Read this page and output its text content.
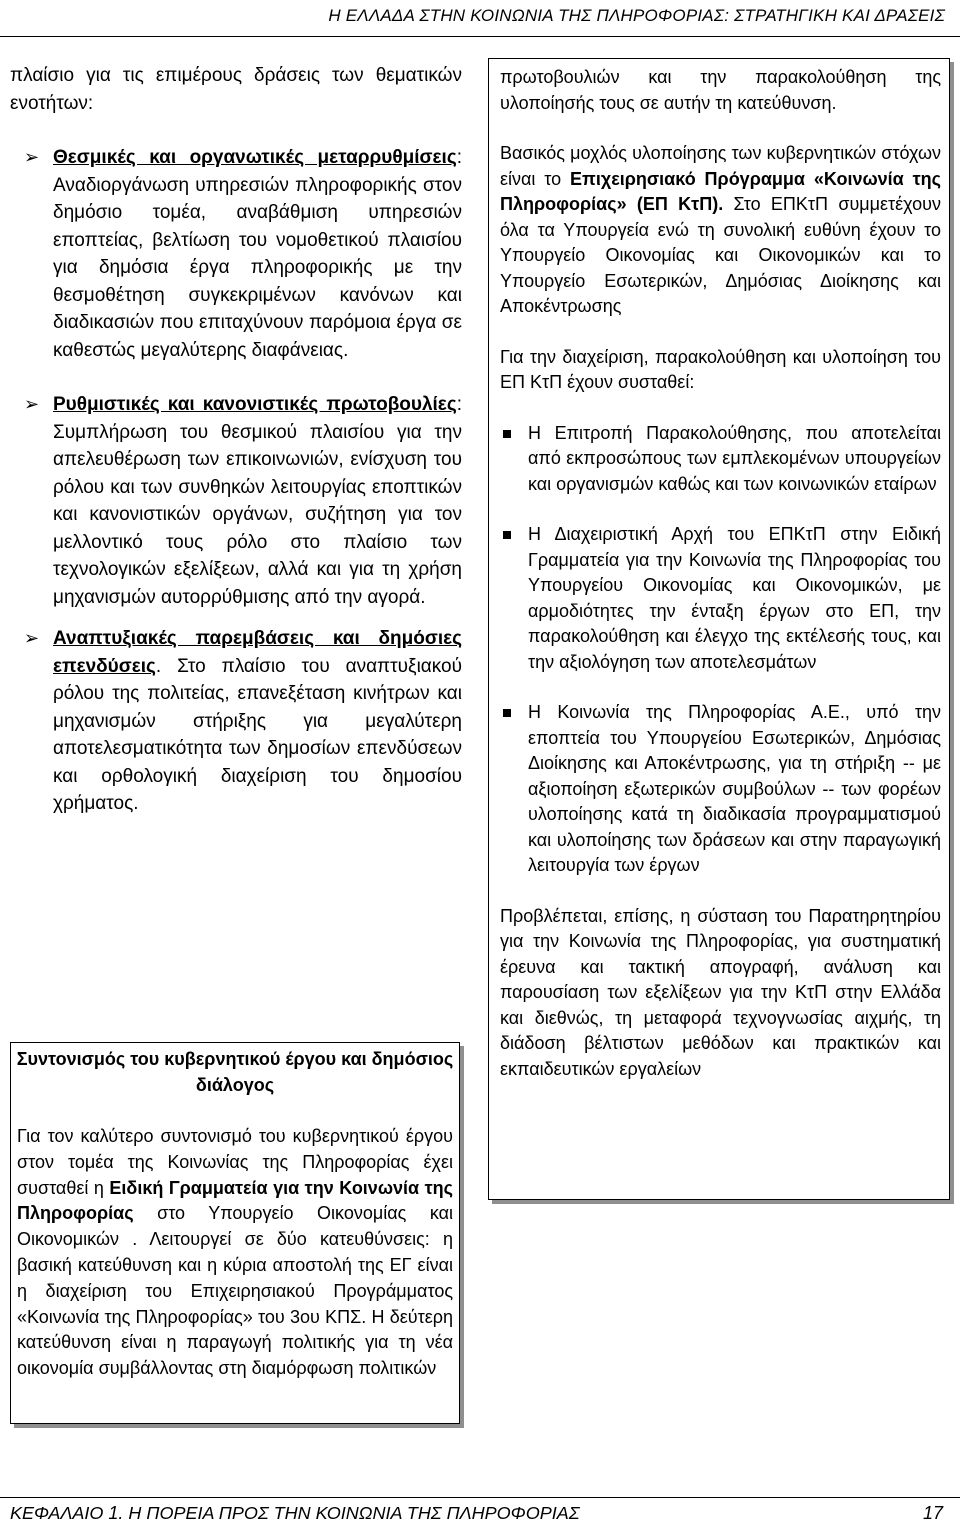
Η ΕΛΛΑΔΑ ΣΤΗΝ ΚΟΙΝΩΝΙΑ ΤΗΣ ΠΛΗΡΟΦΟΡΙΑΣ: ΣΤΡΑΤΗΓΙΚΗ ΚΑΙ ΔΡΑΣΕΙΣ

πλαίσιο για τις επιμέρους δράσεις των θεματικών ενοτήτων:

➢ Θεσμικές και οργανωτικές μεταρρυθμίσεις: Αναδιοργάνωση υπηρεσιών πληροφορικής στον δημόσιο τομέα, αναβάθμιση υπηρεσιών εποπτείας, βελτίωση του νομοθετικού πλαισίου για δημόσια έργα πληροφορικής με την θεσμοθέτηση συγκεκριμένων κανόνων και διαδικασιών που επιταχύνουν παρόμοια έργα σε καθεστώς μεγαλύτερης διαφάνειας.
➢ Ρυθμιστικές και κανονιστικές πρωτοβουλίες: Συμπλήρωση του θεσμικού πλαισίου για την απελευθέρωση των επικοινωνιών, ενίσχυση του ρόλου και των συνθηκών λειτουργίας εποπτικών και κανονιστικών οργάνων, συζήτηση για τον μελλοντικό τους ρόλο στο πλαίσιο των τεχνολογικών εξελίξεων, αλλά και για τη χρήση μηχανισμών αυτορρύθμισης από την αγορά.
➢ Αναπτυξιακές παρεμβάσεις και δημόσιες επενδύσεις. Στο πλαίσιο του αναπτυξιακού ρόλου της πολιτείας, επανεξέταση κινήτρων και μηχανισμών στήριξης για μεγαλύτερη αποτελεσματικότητα των δημοσίων επενδύσεων και ορθολογική διαχείριση του δημοσίου χρήματος.
Συντονισμός του κυβερνητικού έργου και δημόσιος διάλογος

Για τον καλύτερο συντονισμό του κυβερνητικού έργου στον τομέα της Κοινωνίας της Πληροφορίας έχει συσταθεί η Ειδική Γραμματεία για την Κοινωνία της Πληροφορίας στο Υπουργείο Οικονομίας και Οικονομικών . Λειτουργεί σε δύο κατευθύνσεις: η βασική κατεύθυνση και η κύρια αποστολή της ΕΓ είναι η διαχείριση του Επιχειρησιακού Προγράμματος «Κοινωνία της Πληροφορίας» του 3ου ΚΠΣ. Η δεύτερη κατεύθυνση είναι η παραγωγή πολιτικής για τη νέα οικονομία συμβάλλοντας στη διαμόρφωση πολιτικών

πρωτοβουλιών και την παρακολούθηση της υλοποίησής τους σε αυτήν τη κατεύθυνση.

Βασικός μοχλός υλοποίησης των κυβερνητικών στόχων είναι το Επιχειρησιακό Πρόγραμμα «Κοινωνία της Πληροφορίας» (ΕΠ ΚτΠ). Στο ΕΠΚτΠ συμμετέχουν όλα τα Υπουργεία ενώ τη συνολική ευθύνη έχουν το Υπουργείο Οικονομίας και Οικονομικών και το Υπουργείο Εσωτερικών, Δημόσιας Διοίκησης και Αποκέντρωσης

Για την διαχείριση, παρακολούθηση και υλοποίηση του ΕΠ ΚτΠ έχουν συσταθεί:

Η Επιτροπή Παρακολούθησης, που αποτελείται από εκπροσώπους των εμπλεκομένων υπουργείων και οργανισμών καθώς και των κοινωνικών εταίρων
Η Διαχειριστική Αρχή του ΕΠΚτΠ στην Ειδική Γραμματεία για την Κοινωνία της Πληροφορίας του Υπουργείου Οικονομίας και Οικονομικών, με αρμοδιότητες την ένταξη έργων στο ΕΠ, την παρακολούθηση και έλεγχο της εκτέλεσής τους, και την αξιολόγηση των αποτελεσμάτων
Η Κοινωνία της Πληροφορίας Α.Ε., υπό την εποπτεία του Υπουργείου Εσωτερικών, Δημόσιας Διοίκησης και Αποκέντρωσης, για τη στήριξη -- με αξιοποίηση εξωτερικών συμβούλων -- των φορέων υλοποίησης κατά τη διαδικασία προγραμματισμού και υλοποίησης των δράσεων και στην παραγωγική λειτουργία των έργων

Προβλέπεται, επίσης, η σύσταση του Παρατηρητηρίου για την Κοινωνία της Πληροφορίας, για συστηματική έρευνα και τακτική απογραφή, ανάλυση και παρουσίαση των εξελίξεων για την ΚτΠ στην Ελλάδα και διεθνώς, τη μεταφορά τεχνογνωσίας αιχμής, τη διάδοση βέλτιστων μεθόδων και πρακτικών και εκπαιδευτικών εργαλείων

ΚΕΦΑΛΑΙΟ 1. Η ΠΟΡΕΙΑ ΠΡΟΣ ΤΗΝ ΚΟΙΝΩΝΙΑ ΤΗΣ ΠΛΗΡΟΦΟΡΙΑΣ	17
